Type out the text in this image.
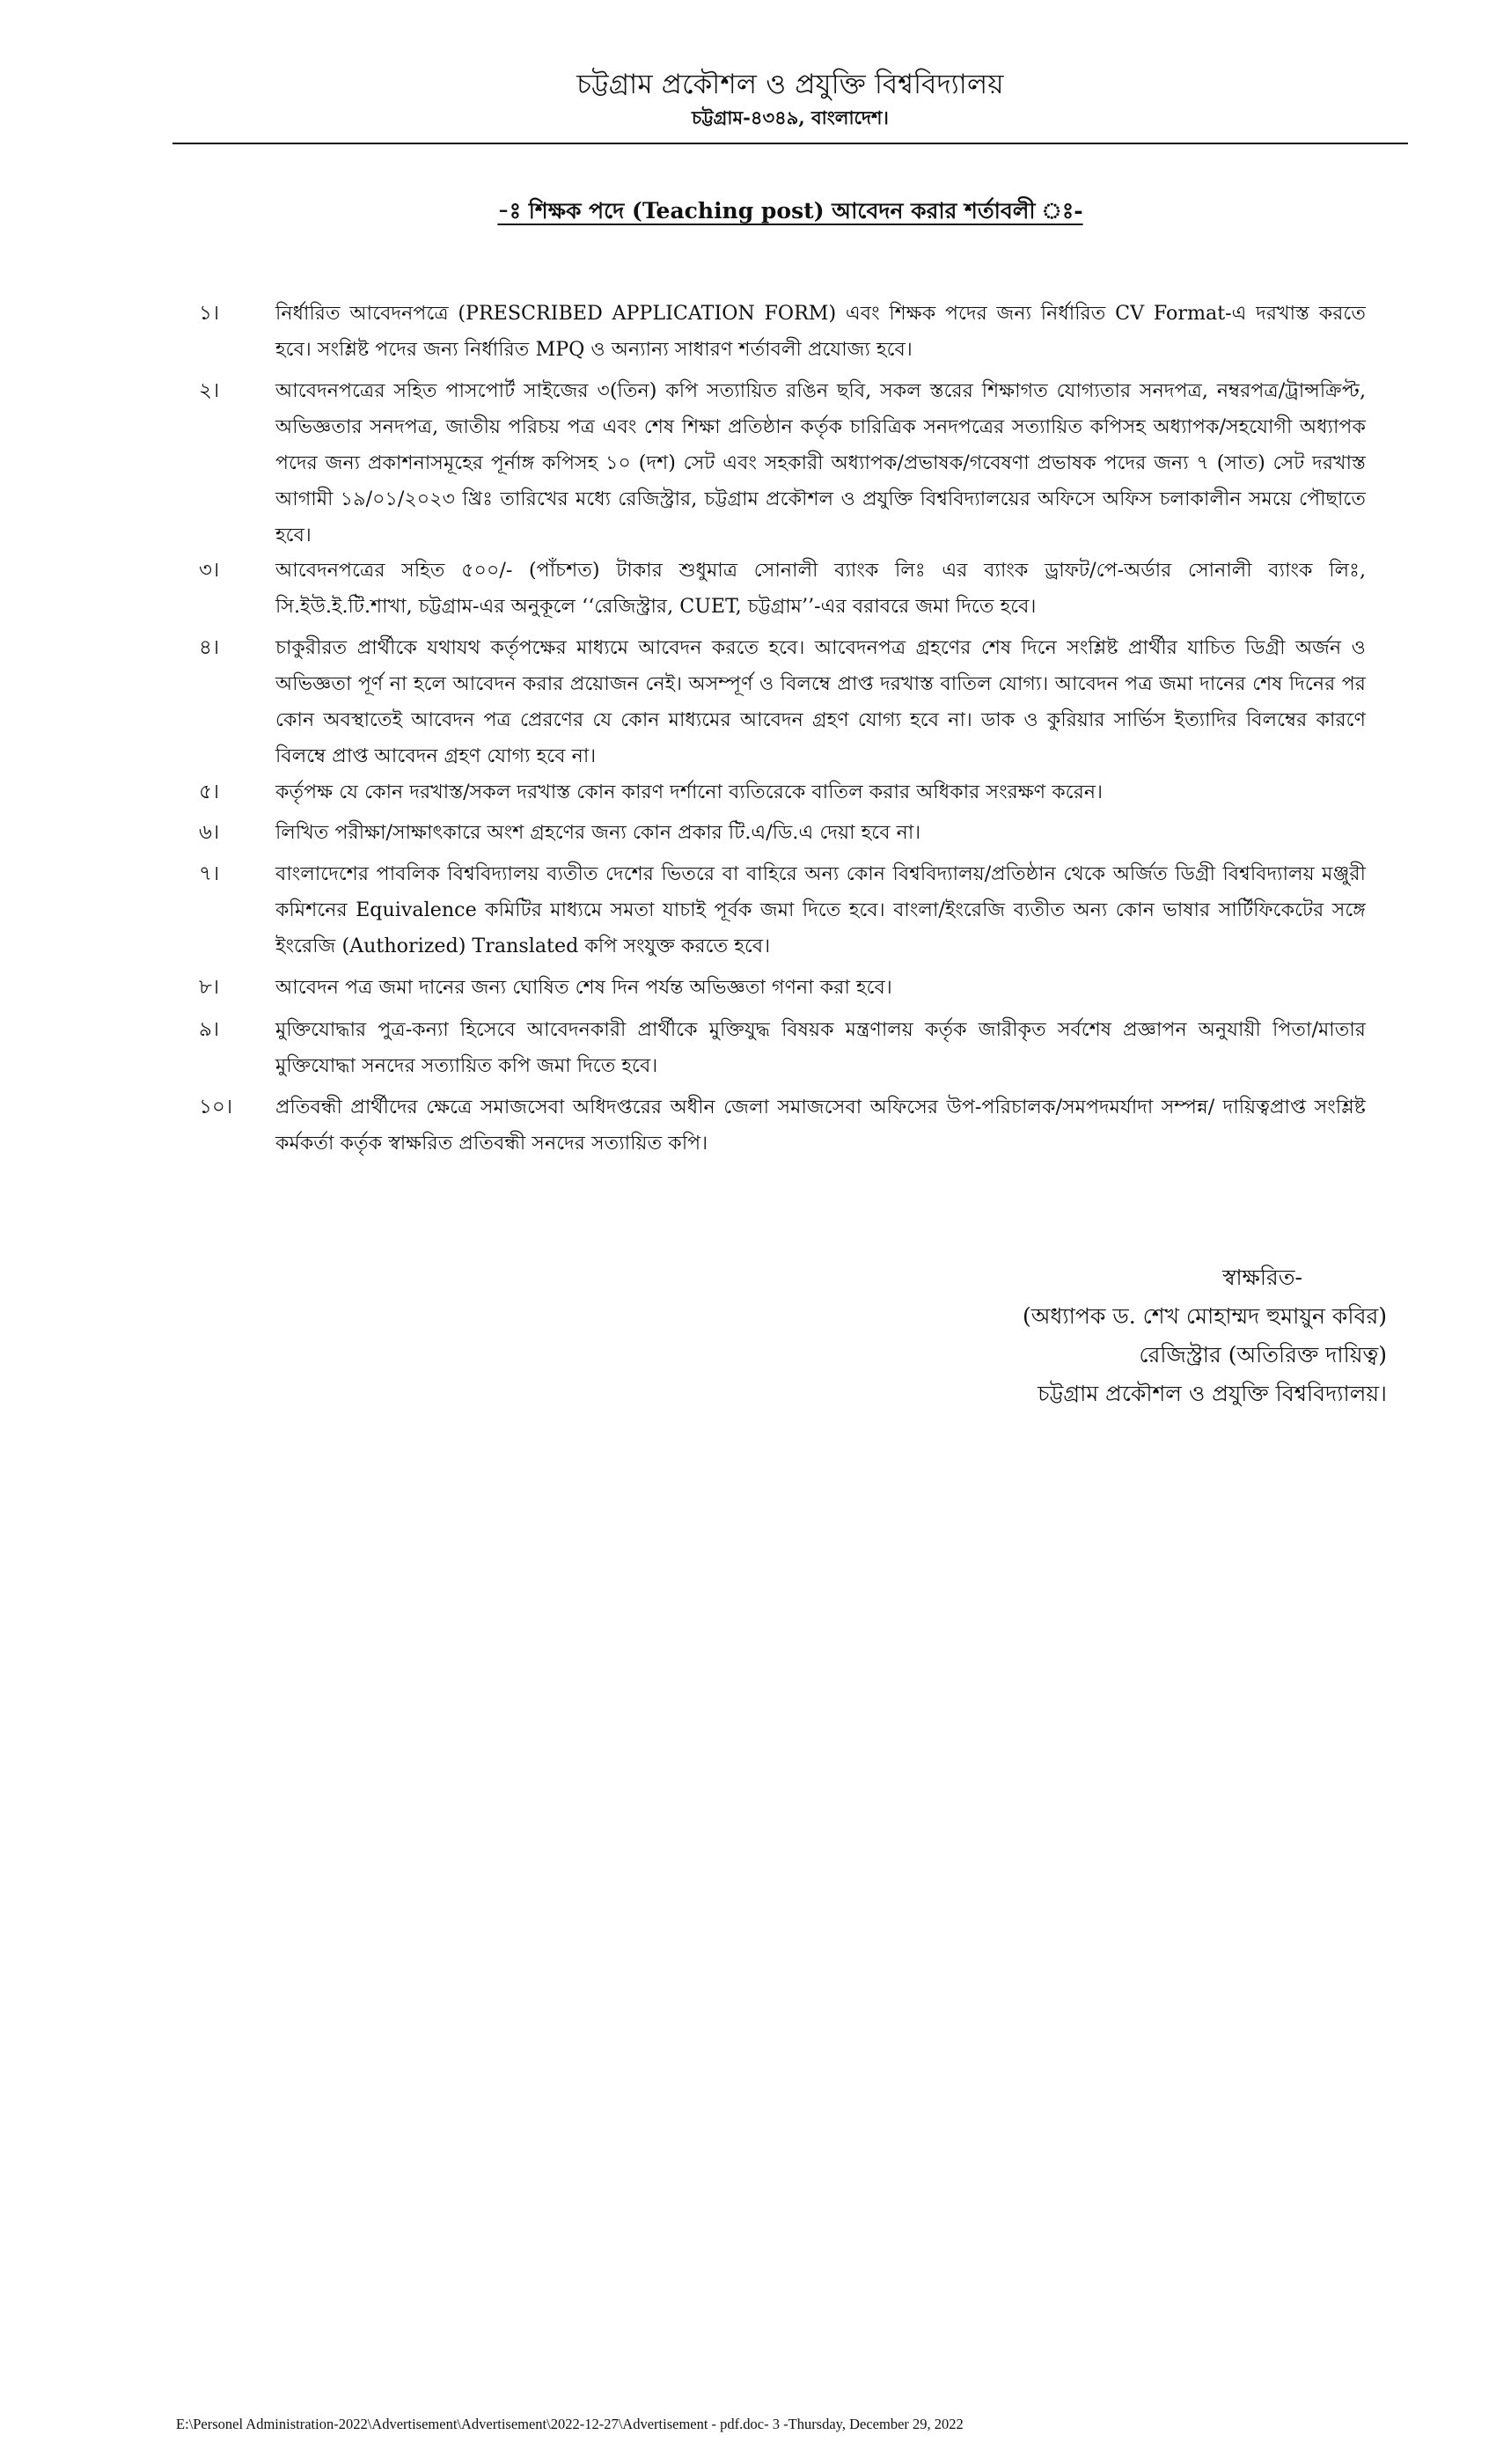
চট্টগ্রাম প্রকৌশল ও প্রযুক্তি বিশ্ববিদ্যালয়
চট্টগ্রাম-৪৩৪৯, বাংলাদেশ।
-ঃ শিক্ষক পদে (Teaching post) আবেদন করার শর্তাবলী ঃ-
১।	নির্ধারিত আবেদনপত্রে (PRESCRIBED APPLICATION FORM) এবং শিক্ষক পদের জন্য নির্ধারিত CV Format-এ দরখাস্ত করতে হবে। সংশ্লিষ্ট পদের জন্য নির্ধারিত MPQ ও অন্যান্য সাধারণ শর্তাবলী প্রযোজ্য হবে।
২।	আবেদনপত্রের সহিত পাসপোর্ট সাইজের ৩(তিন) কপি সত্যায়িত রঙিন ছবি, সকল স্তরের শিক্ষাগত যোগ্যতার সনদপত্র, নম্বরপত্র/ট্রান্সক্রিপ্ট, অভিজ্ঞতার সনদপত্র, জাতীয় পরিচয় পত্র এবং শেষ শিক্ষা প্রতিষ্ঠান কর্তৃক চারিত্রিক সনদপত্রের সত্যায়িত কপিসহ অধ্যাপক/সহযোগী অধ্যাপক পদের জন্য প্রকাশনাসমূহের পূর্নাঙ্গ কপিসহ ১০ (দশ) সেট এবং সহকারী অধ্যাপক/প্রভাষক/গবেষণা প্রভাষক পদের জন্য ৭ (সাত) সেট দরখাস্ত আগামী ১৯/০১/২০২৩ খ্রিঃ তারিখের মধ্যে রেজিস্ট্রার, চট্টগ্রাম প্রকৌশল ও প্রযুক্তি বিশ্ববিদ্যালয়ের অফিসে অফিস চলাকালীন সময়ে পৌছাতে হবে।
৩।	আবেদনপত্রের সহিত ৫০০/- (পাঁচশত) টাকার শুধুমাত্র সোনালী ব্যাংক লিঃ এর ব্যাংক ড্রাফট/পে-অর্ডার সোনালী ব্যাংক লিঃ, সি.ইউ.ই.টি.শাখা, চট্টগ্রাম-এর অনুকূলে ‘‘রেজিস্ট্রার, CUET, চট্টগ্রাম’’-এর বরাবরে জমা দিতে হবে।
৪।	চাকুরীরত প্রার্থীকে যথাযথ কর্তৃপক্ষের মাধ্যমে আবেদন করতে হবে। আবেদনপত্র গ্রহণের শেষ দিনে সংশ্লিষ্ট প্রার্থীর যাচিত ডিগ্রী অর্জন ও অভিজ্ঞতা পূর্ণ না হলে আবেদন করার প্রয়োজন নেই। অসম্পূর্ণ ও বিলম্বে প্রাপ্ত দরখাস্ত বাতিল যোগ্য। আবেদন পত্র জমা দানের শেষ দিনের পর কোন অবস্থাতেই আবেদন পত্র প্রেরণের যে কোন মাধ্যমের আবেদন গ্রহণ যোগ্য হবে না। ডাক ও কুরিয়ার সার্ভিস ইত্যাদির বিলম্বের কারণে বিলম্বে প্রাপ্ত আবেদন গ্রহণ যোগ্য হবে না।
৫।	কর্তৃপক্ষ যে কোন দরখাস্ত/সকল দরখাস্ত কোন কারণ দর্শানো ব্যতিরেকে বাতিল করার অধিকার সংরক্ষণ করেন।
৬।	লিখিত পরীক্ষা/সাক্ষাৎকারে অংশ গ্রহণের জন্য কোন প্রকার টি.এ/ডি.এ দেয়া হবে না।
৭।	বাংলাদেশের পাবলিক বিশ্ববিদ্যালয় ব্যতীত দেশের ভিতরে বা বাহিরে অন্য কোন বিশ্ববিদ্যালয়/প্রতিষ্ঠান থেকে অর্জিত ডিগ্রী বিশ্ববিদ্যালয় মঞ্জুরী কমিশনের Equivalence কমিটির মাধ্যমে সমতা যাচাই পূর্বক জমা দিতে হবে। বাংলা/ইংরেজি ব্যতীত অন্য কোন ভাষার সার্টিফিকেটের সঙ্গে ইংরেজি (Authorized) Translated কপি সংযুক্ত করতে হবে।
৮।	আবেদন পত্র জমা দানের জন্য ঘোষিত শেষ দিন পর্যন্ত অভিজ্ঞতা গণনা করা হবে।
৯।	মুক্তিযোদ্ধার পুত্র-কন্যা হিসেবে আবেদনকারী প্রার্থীকে মুক্তিযুদ্ধ বিষয়ক মন্ত্রণালয় কর্তৃক জারীকৃত সর্বশেষ প্রজ্ঞাপন অনুযায়ী পিতা/মাতার মুক্তিযোদ্ধা সনদের সত্যায়িত কপি জমা দিতে হবে।
১০।	প্রতিবন্ধী প্রার্থীদের ক্ষেত্রে সমাজসেবা অধিদপ্তরের অধীন জেলা সমাজসেবা অফিসের উপ-পরিচালক/সমপদমর্যাদা সম্পন্ন/ দায়িত্বপ্রাপ্ত সংশ্লিষ্ট কর্মকর্তা কর্তৃক স্বাক্ষরিত প্রতিবন্ধী সনদের সত্যায়িত কপি।
স্বাক্ষরিত-
(অধ্যাপক ড. শেখ মোহাম্মদ হুমায়ুন কবির)
রেজিস্ট্রার (অতিরিক্ত দায়িত্ব)
চট্টগ্রাম প্রকৌশল ও প্রযুক্তি বিশ্ববিদ্যালয়।
E:\Personel Administration-2022\Advertisement\Advertisement\2022-12-27\Advertisement - pdf.doc- 3 -Thursday, December 29, 2022
